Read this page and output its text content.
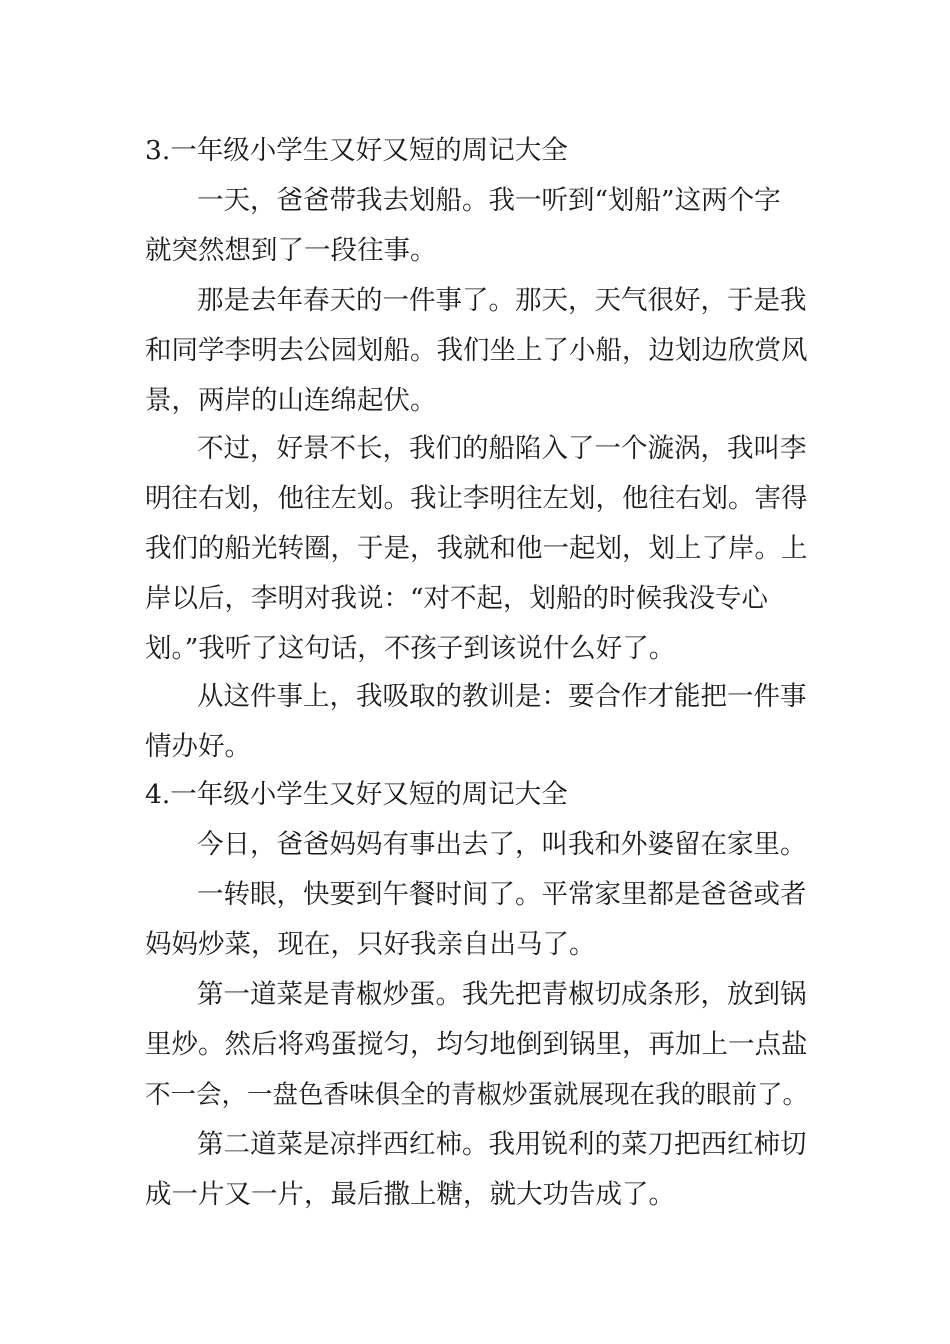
3.一年级小学生又好又短的周记大全

一天，爸爸带我去划船。我一听到“划船”这两个字

就突然想到了一段往事。

那是去年春天的一件事了。那天，天气很好，于是我

和同学李明去公园划船。我们坐上了小船，边划边欣赏风

景，两岸的山连绵起伏。

不过，好景不长，我们的船陷入了一个漩涡，我叫李

明往右划，他往左划。我让李明往左划，他往右划。害得

我们的船光转圈，于是，我就和他一起划，划上了岸。上

岸以后，李明对我说：“对不起，划船的时候我没专心

划。”我听了这句话，不孩子到该说什么好了。

从这件事上，我吸取的教训是：要合作才能把一件事

情办好。

4.一年级小学生又好又短的周记大全

今日，爸爸妈妈有事出去了，叫我和外婆留在家里。

一转眼，快要到午餐时间了。平常家里都是爸爸或者

妈妈炒菜，现在，只好我亲自出马了。

第一道菜是青椒炒蛋。我先把青椒切成条形，放到锅

里炒。然后将鸡蛋搅匀，均匀地倒到锅里，再加上一点盐

不一会，一盘色香味俱全的青椒炒蛋就展现在我的眼前了。

第二道菜是凉拌西红柿。我用锐利的菜刀把西红柿切

成一片又一片，最后撒上糖，就大功告成了。
